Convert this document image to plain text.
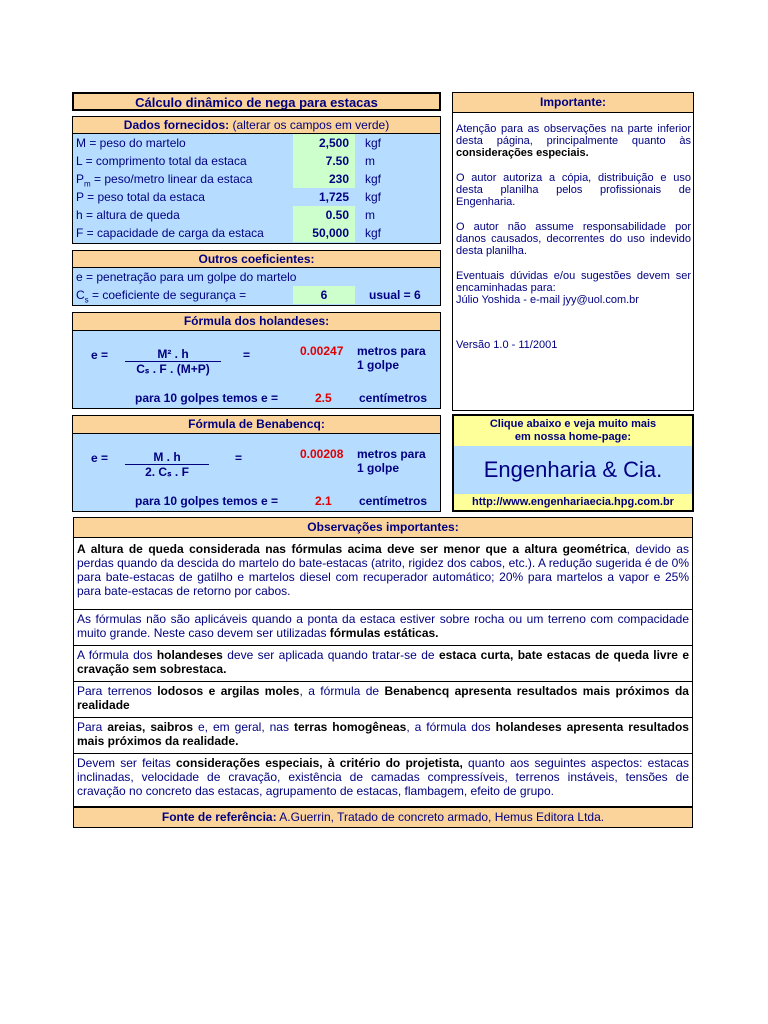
Cálculo dinâmico de nega para estacas
Dados fornecidos: (alterar os campos em verde)
M = peso do martelo	2,500	kgf
L = comprimento total da estaca	7.50	m
$P_m$ = peso/metro linear da estaca	230	kgf
P = peso total da estaca	1,725	kgf
h = altura de queda	0.50	m
F = capacidade de carga da estaca	50,000	kgf
Outros coeficientes:
e = penetração para um golpe do martelo
$C_s$ = coeficiente de segurança =	6	usual = 6
Fórmula dos holandeses:
$e = \frac{\text{M² . h}}{\text{Cₛ . F . (M+P)}}$ =	0.00247 metros para
1 golpe
para 10 golpes temos e =	2.5 centímetros
Fórmula de Benabencq:
$e = \frac{M . h}{\text{2. Cₛ . F}}$ =	0.00208 metros para
1 golpe
para 10 golpes temos e =	2.1 centímetros
Importante:

Atenção para as observações na parte inferior desta página, principalmente quanto às considerações especiais.

O autor autoriza a cópia, distribuição e uso desta planilha pelos profissionais de Engenharia.

O autor não assume responsabilidade por danos causados, decorrentes do uso indevido desta planilha.

Eventuais dúvidas e/ou sugestões devem ser encaminhadas para:
Júlio Yoshida - e-mail jyy@uol.com.br

Versão 1.0 - 11/2001

Clique abaixo e veja muito mais
em nossa home-page:
Engenharia & Cia.
http://www.engenhariaecia.hpg.com.br
Observações importantes:
A altura de queda considerada nas fórmulas acima deve ser menor que a altura geométrica, devido as perdas quando da descida do martelo do bate-estacas (atrito, rigidez dos cabos, etc.). A redução sugerida é de 0% para bate-estacas de gatilho e martelos diesel com recuperador automático; 20% para martelos a vapor e 25% para bate-estacas de retorno por cabos.
As fórmulas não são aplicáveis quando a ponta da estaca estiver sobre rocha ou um terreno com compacidade muito grande. Neste caso devem ser utilizadas fórmulas estáticas.
A fórmula dos holandeses deve ser aplicada quando tratar-se de estaca curta, bate estacas de queda livre e cravação sem sobrestaca.
Para terrenos lodosos e argilas moles, a fórmula de Benabencq apresenta resultados mais próximos da realidade
Para areias, saibros e, em geral, nas terras homogêneas, a fórmula dos holandeses apresenta resultados mais próximos da realidade.
Devem ser feitas considerações especiais, à critério do projetista, quanto aos seguintes aspectos: estacas inclinadas, velocidade de cravação, existência de camadas compressíveis, terrenos instáveis, tensões de cravação no concreto das estacas, agrupamento de estacas, flambagem, efeito de grupo.
Fonte de referência: A.Guerrin, Tratado de concreto armado, Hemus Editora Ltda.
